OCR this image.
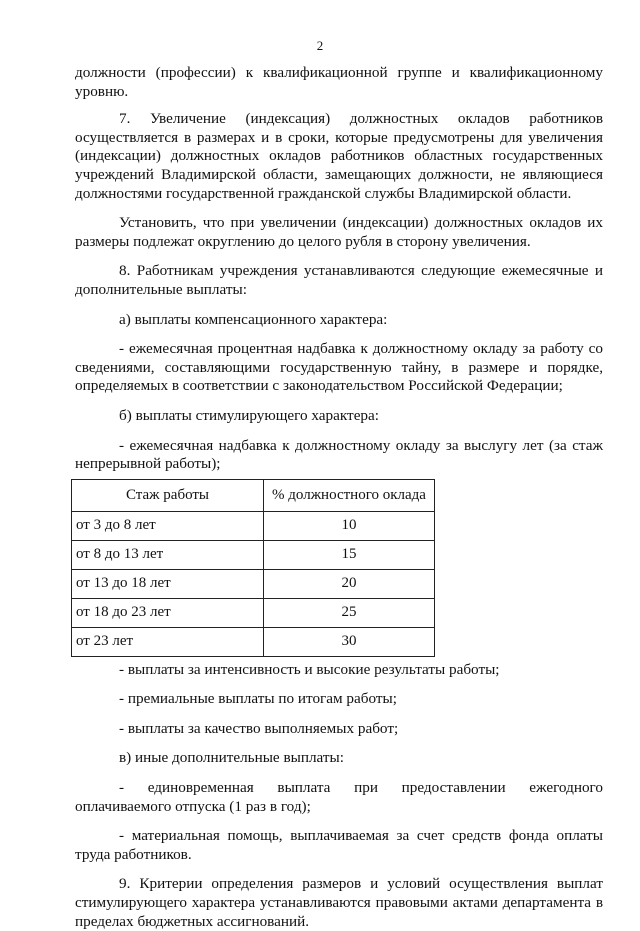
2

должности (профессии) к квалификационной группе и квалификационному уровню.

7. Увеличение (индексация) должностных окладов работников осуществляется в размерах и в сроки, которые предусмотрены для увеличения (индексации) должностных окладов работников областных государственных учреждений Владимирской области, замещающих должности, не являющиеся должностями государственной гражданской службы Владимирской области.

Установить, что при увеличении (индексации) должностных окладов их размеры подлежат округлению до целого рубля в сторону увеличения.

8. Работникам учреждения устанавливаются следующие ежемесячные и дополнительные выплаты:

а) выплаты компенсационного характера:

- ежемесячная процентная надбавка к должностному окладу за работу со сведениями, составляющими государственную тайну, в размере и порядке, определяемых в соответствии с законодательством Российской Федерации;

б) выплаты стимулирующего характера:

- ежемесячная надбавка к должностному окладу за выслугу лет (за стаж непрерывной работы);

Стаж работы	% должностного оклада
от 3 до 8 лет	10
от 8 до 13 лет	15
от 13 до 18 лет	20
от 18 до 23 лет	25
от 23 лет	30

- выплаты за интенсивность и высокие результаты работы;

- премиальные выплаты по итогам работы;

- выплаты за качество выполняемых работ;

в) иные дополнительные выплаты:

- единовременная выплата при предоставлении ежегодного оплачиваемого отпуска (1 раз в год);

- материальная помощь, выплачиваемая за счет средств фонда оплаты труда работников.

9. Критерии определения размеров и условий осуществления выплат стимулирующего характера устанавливаются правовыми актами департамента в пределах бюджетных ассигнований.
